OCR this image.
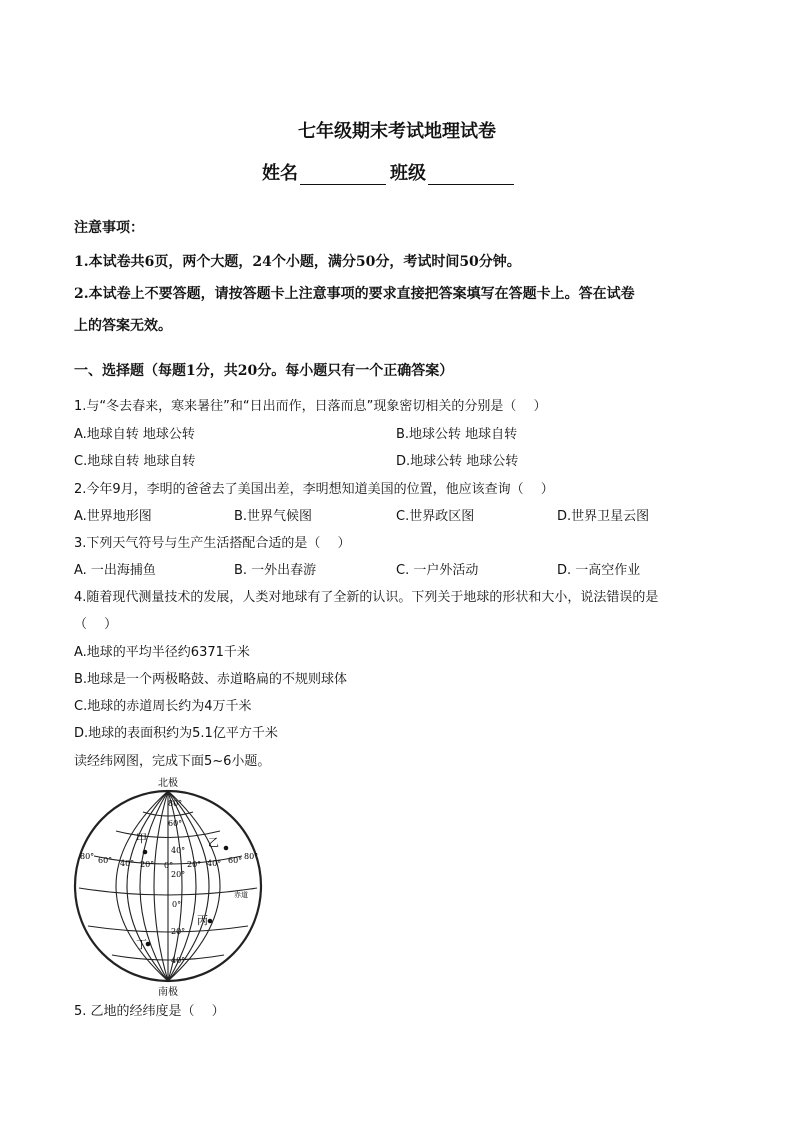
七年级期末考试地理试卷
姓名	班级
注意事项：
1.本试卷共6页，两个大题，24个小题，满分50分，考试时间50分钟。
2.本试卷上不要答题，请按答题卡上注意事项的要求直接把答案填写在答题卡上。答在试卷
上的答案无效。
一、选择题（每题1分，共20分。每小题只有一个正确答案）
1.与“冬去春来，寒来暑往”和“日出而作，日落而息”现象密切相关的分别是（　 ）
A.地球自转 地球公转	B.地球公转 地球自转
C.地球自转 地球自转	D.地球公转 地球公转
2.今年9月，李明的爸爸去了美国出差，李明想知道美国的位置，他应该查询（　 ）
A.世界地形图	B.世界气候图	C.世界政区图	D.世界卫星云图
3.下列天气符号与生产生活搭配合适的是（　 ）
A. 一出海捕鱼	B. 一外出春游	C. 一户外活动	D. 一高空作业
4.随着现代测量技术的发展，人类对地球有了全新的认识。下列关于地球的形状和大小，说法错误的是
（　 ）
A.地球的平均半径约6371千米
B.地球是一个两极略鼓、赤道略扁的不规则球体
C.地球的赤道周长约为4万千米
D.地球的表面积约为5.1亿平方千米
读经纬网图，完成下面5~6小题。
北极
南极
80°
60°
40°
20°
0°
20°
40°
80° 60° 40° 20° 0° 20° 40° 60° 80°
赤道
甲	乙
丙
丁
5. 乙地的经纬度是（　 ）
